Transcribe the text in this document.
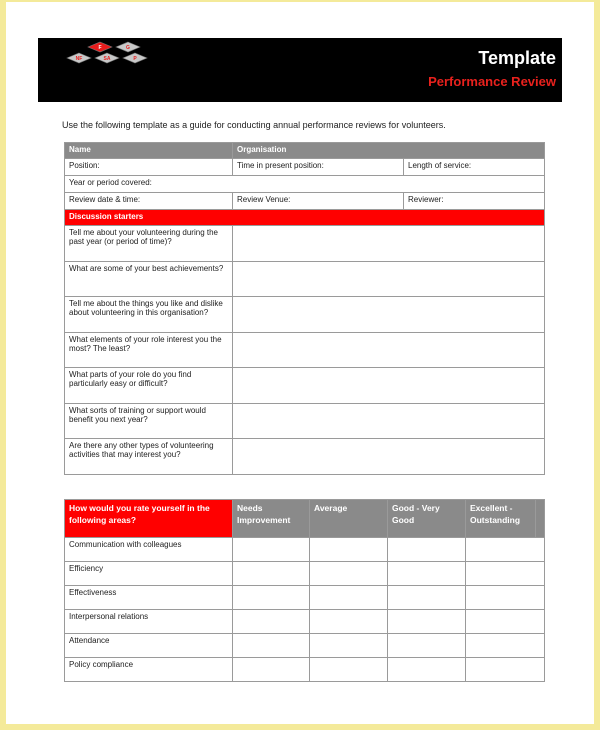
F	G
NF	SA	P	Template
Performance Review
Use the following template as a guide for conducting annual performance reviews for volunteers.
Name	Organisation	
Position:	Time in present position:	Length of service:
Year or period covered:		
Review date & time:	Review Venue:	Reviewer:
Discussion starters		
Tell me about your volunteering during the past year (or period of time)?		
What are some of your best achievements?		
Tell me about the things you like and dislike about volunteering in this organisation?		
What elements of your role interest you the most? The least?		
What parts of your role do you find particularly easy or difficult?		
What sorts of training or support would benefit you next year?		
Are there any other types of volunteering activities that may interest you?		
How would you rate yourself in the following areas?	Needs Improvement	Average	Good - Very Good	Excellent - Outstanding	
Communication with colleagues					
Efficiency					
Effectiveness					
Interpersonal relations					
Attendance					
Policy compliance					
